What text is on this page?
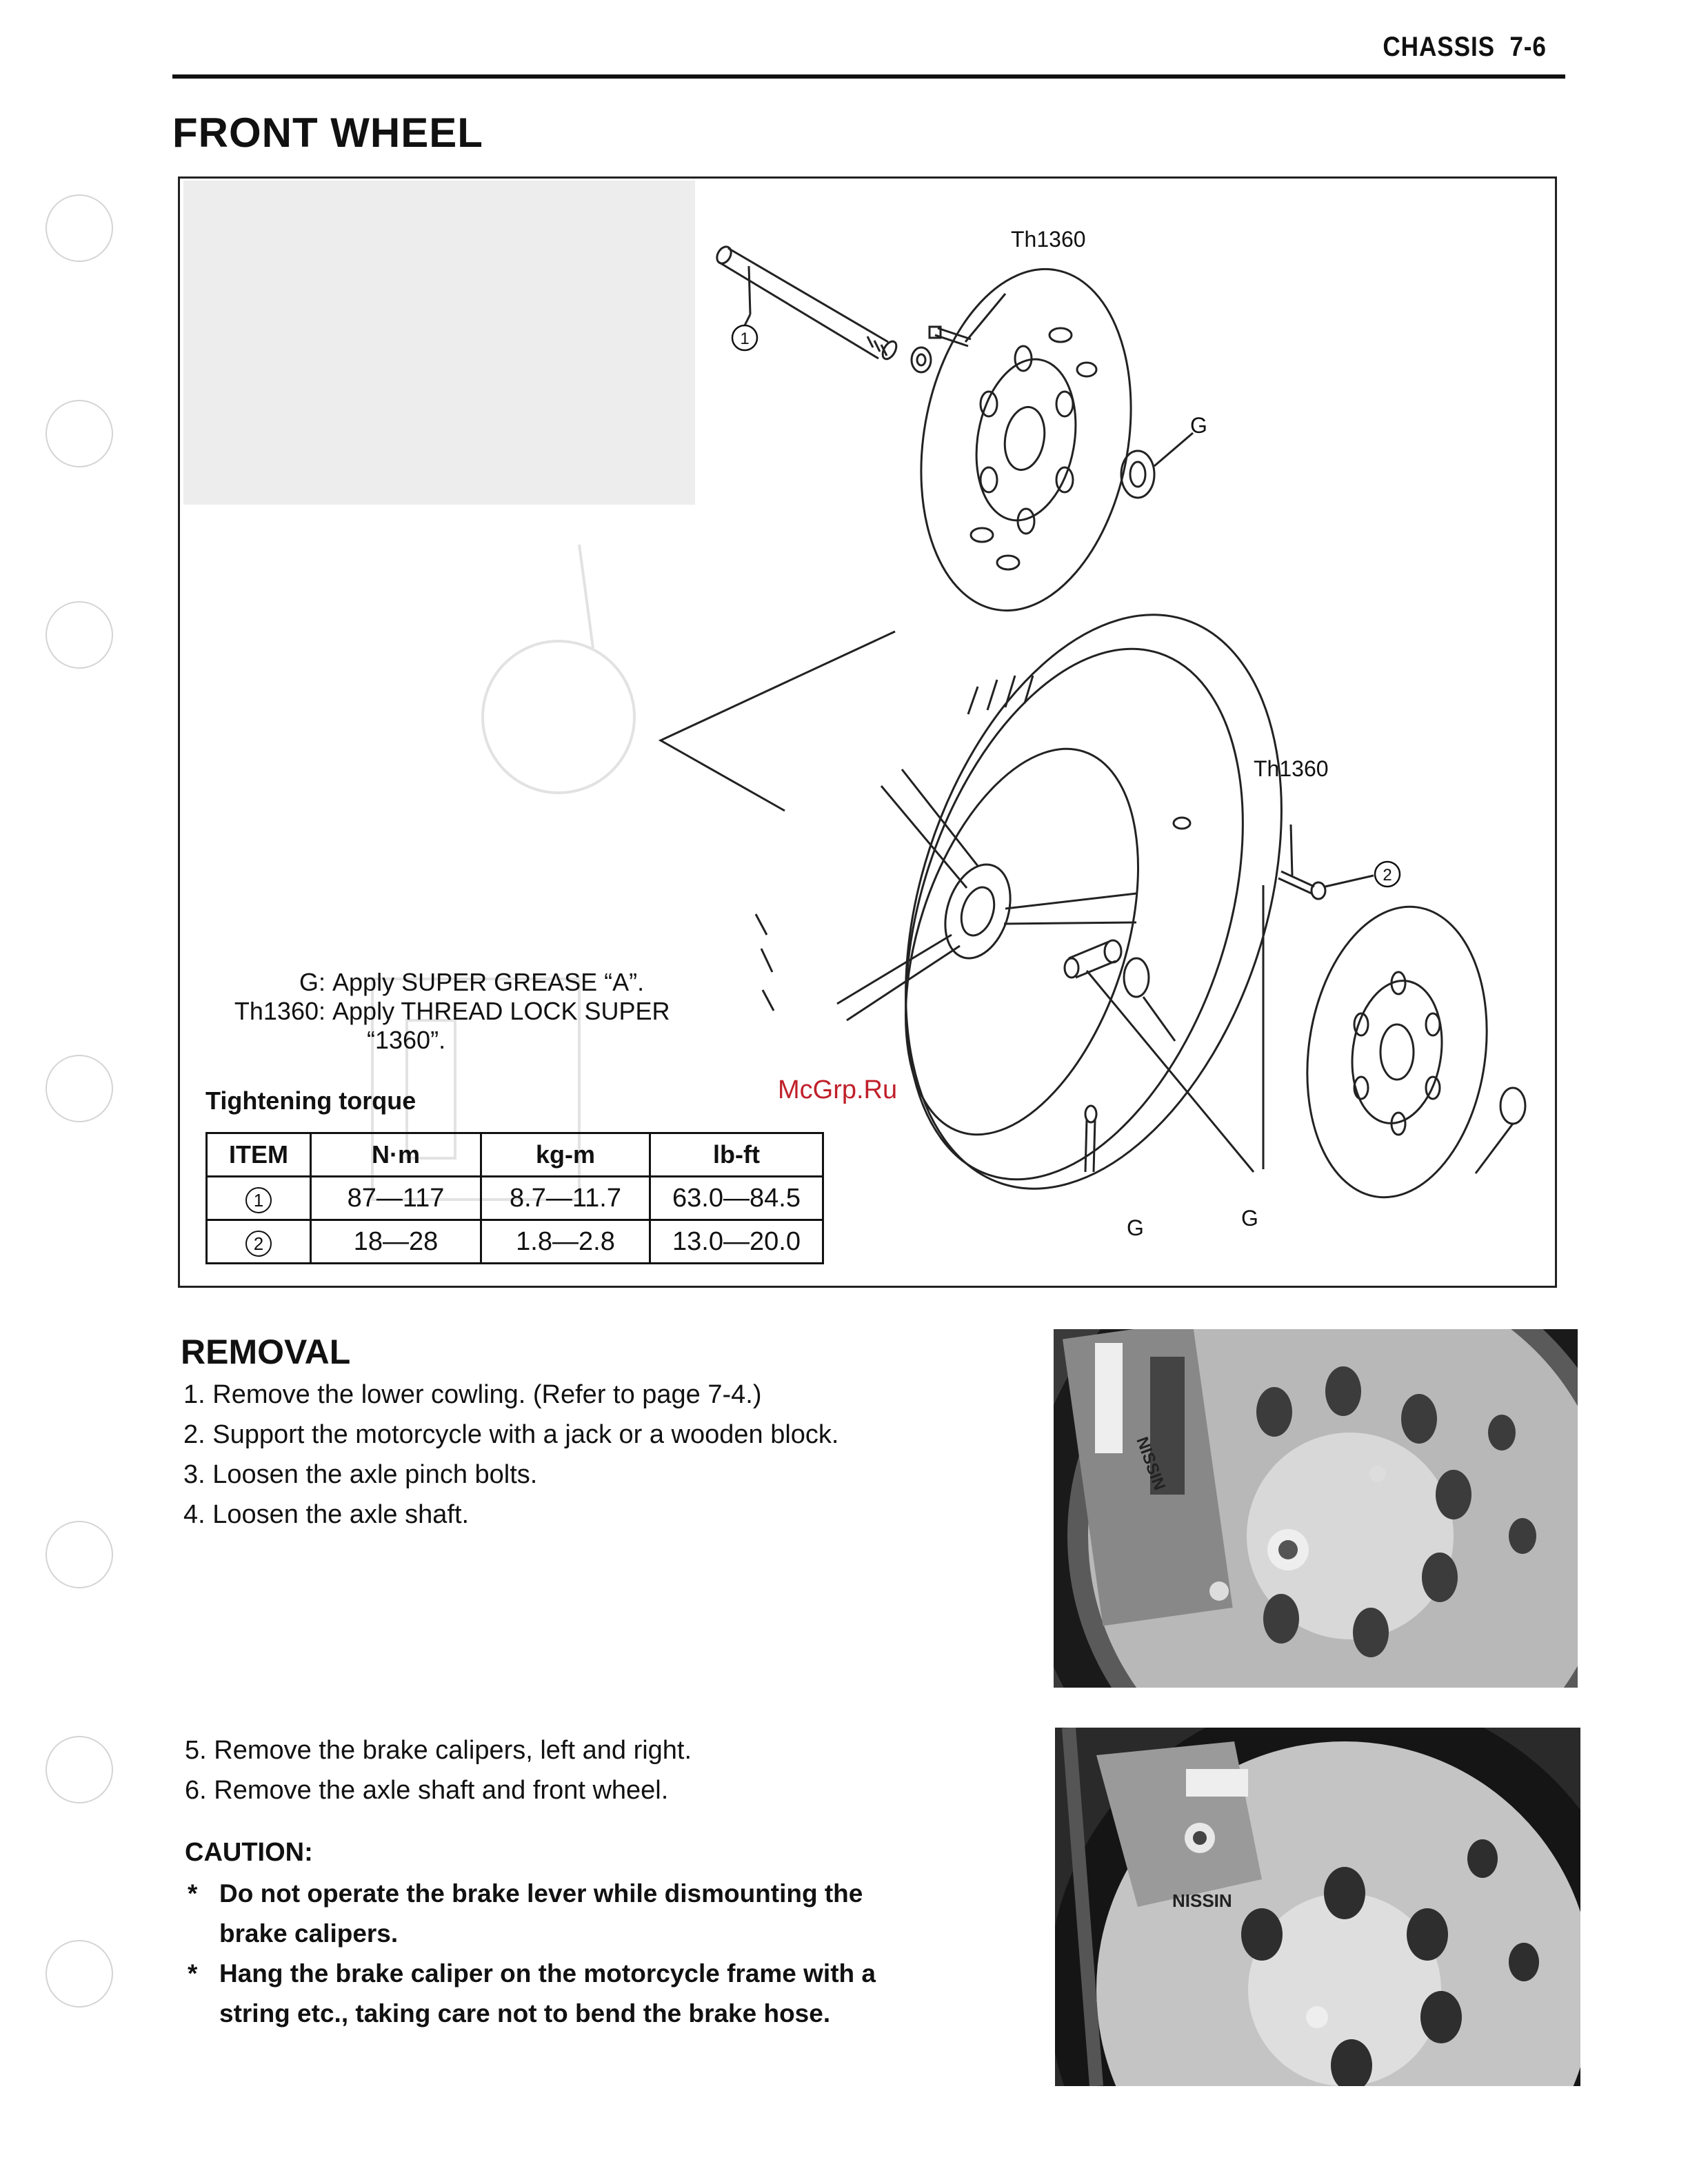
CHASSIS 7-6
FRONT WHEEL
Th1360
G
Th1360
G	G
1
2
McGrp.Ru
G : Apply SUPER GREASE “A”.
Th1360 : Apply THREAD LOCK SUPER
“1360”.
Tightening torque
ITEM	N·m	kg-m	lb-ft
1	87—117	8.7—11.7	63.0—84.5
2	18—28	1.8—2.8	13.0—20.0
REMOVAL
1. Remove the lower cowling. (Refer to page 7-4.)
2. Support the motorcycle with a jack or a wooden block.
3. Loosen the axle pinch bolts.
4. Loosen the axle shaft.
5. Remove the brake calipers, left and right.
6. Remove the axle shaft and front wheel.
CAUTION:
* Do not operate the brake lever while dismounting the
brake calipers.
* Hang the brake caliper on the motorcycle frame with a
string etc., taking care not to bend the brake hose.
NISSIN
NISSIN
